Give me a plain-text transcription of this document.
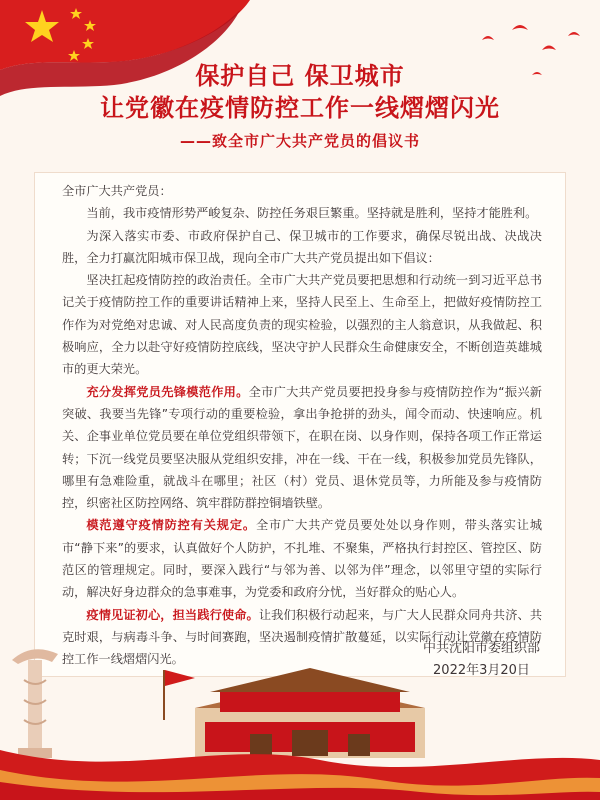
保护自己 保卫城市
让党徽在疫情防控工作一线熠熠闪光
——致全市广大共产党员的倡议书

全市广大共产党员：

当前，我市疫情形势严峻复杂、防控任务艰巨繁重。坚持就是胜利，坚持才能胜利。

为深入落实市委、市政府保护自己、保卫城市的工作要求，确保尽锐出战、决战决胜，全力打赢沈阳城市保卫战，现向全市广大共产党员提出如下倡议：

坚决扛起疫情防控的政治责任。全市广大共产党员要把思想和行动统一到习近平总书记关于疫情防控工作的重要讲话精神上来，坚持人民至上、生命至上，把做好疫情防控工作作为对党绝对忠诚、对人民高度负责的现实检验，以强烈的主人翁意识，从我做起、积极响应，全力以赴守好疫情防控底线，坚决守护人民群众生命健康安全，不断创造英雄城市的更大荣光。

充分发挥党员先锋模范作用。全市广大共产党员要把投身参与疫情防控作为“振兴新突破、我要当先锋”专项行动的重要检验，拿出争抢拼的劲头，闻令而动、快速响应。机关、企事业单位党员要在单位党组织带领下，在职在岗、以身作则，保持各项工作正常运转；下沉一线党员要坚决服从党组织安排，冲在一线、干在一线，积极参加党员先锋队，哪里有急难险重，就战斗在哪里；社区（村）党员、退休党员等，力所能及参与疫情防控，织密社区防控网络、筑牢群防群控铜墙铁壁。

模范遵守疫情防控有关规定。全市广大共产党员要处处以身作则，带头落实让城市“静下来”的要求，认真做好个人防护，不扎堆、不聚集，严格执行封控区、管控区、防范区的管理规定。同时，要深入践行“与邻为善、以邻为伴”理念，以邻里守望的实际行动，解决好身边群众的急事难事，为党委和政府分忧，当好群众的贴心人。

疫情见证初心，担当践行使命。让我们积极行动起来，与广大人民群众同舟共济、共克时艰，与病毒斗争、与时间赛跑，坚决遏制疫情扩散蔓延，以实际行动让党徽在疫情防控工作一线熠熠闪光。

中共沈阳市委组织部
2022年3月20日
